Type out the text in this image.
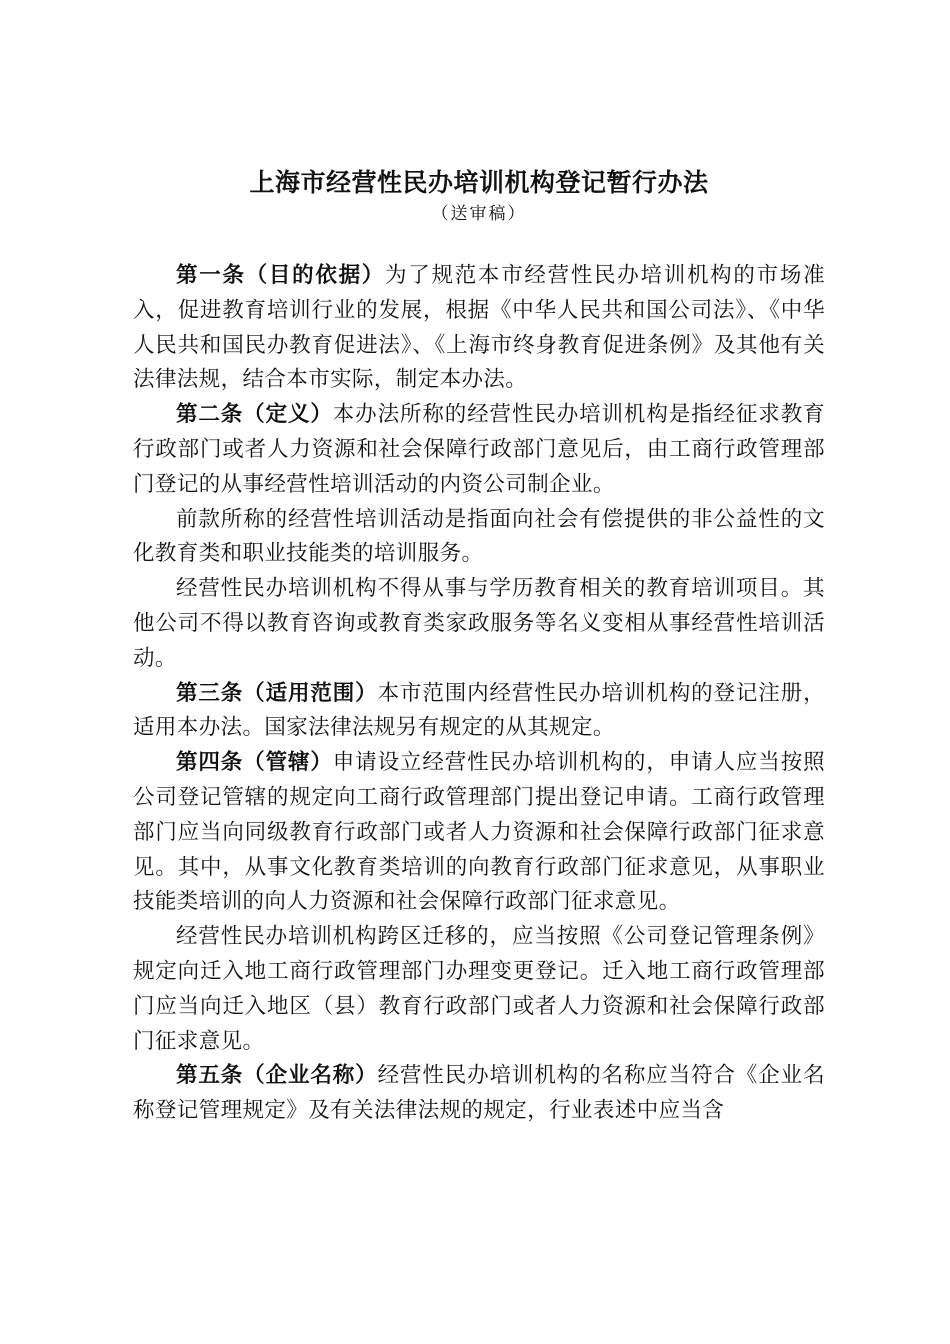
上海市经营性民办培训机构登记暂行办法
（送审稿）

第一条（目的依据）为了规范本市经营性民办培训机构的市场准入，促进教育培训行业的发展，根据《中华人民共和国公司法》、《中华人民共和国民办教育促进法》、《上海市终身教育促进条例》及其他有关法律法规，结合本市实际，制定本办法。

第二条（定义）本办法所称的经营性民办培训机构是指经征求教育行政部门或者人力资源和社会保障行政部门意见后，由工商行政管理部门登记的从事经营性培训活动的内资公司制企业。

前款所称的经营性培训活动是指面向社会有偿提供的非公益性的文化教育类和职业技能类的培训服务。

经营性民办培训机构不得从事与学历教育相关的教育培训项目。其他公司不得以教育咨询或教育类家政服务等名义变相从事经营性培训活动。

第三条（适用范围）本市范围内经营性民办培训机构的登记注册，适用本办法。国家法律法规另有规定的从其规定。

第四条（管辖）申请设立经营性民办培训机构的，申请人应当按照公司登记管辖的规定向工商行政管理部门提出登记申请。工商行政管理部门应当向同级教育行政部门或者人力资源和社会保障行政部门征求意见。其中，从事文化教育类培训的向教育行政部门征求意见，从事职业技能类培训的向人力资源和社会保障行政部门征求意见。

经营性民办培训机构跨区迁移的，应当按照《公司登记管理条例》规定向迁入地工商行政管理部门办理变更登记。迁入地工商行政管理部门应当向迁入地区（县）教育行政部门或者人力资源和社会保障行政部门征求意见。

第五条（企业名称）经营性民办培训机构的名称应当符合《企业名称登记管理规定》及有关法律法规的规定，行业表述中应当含
